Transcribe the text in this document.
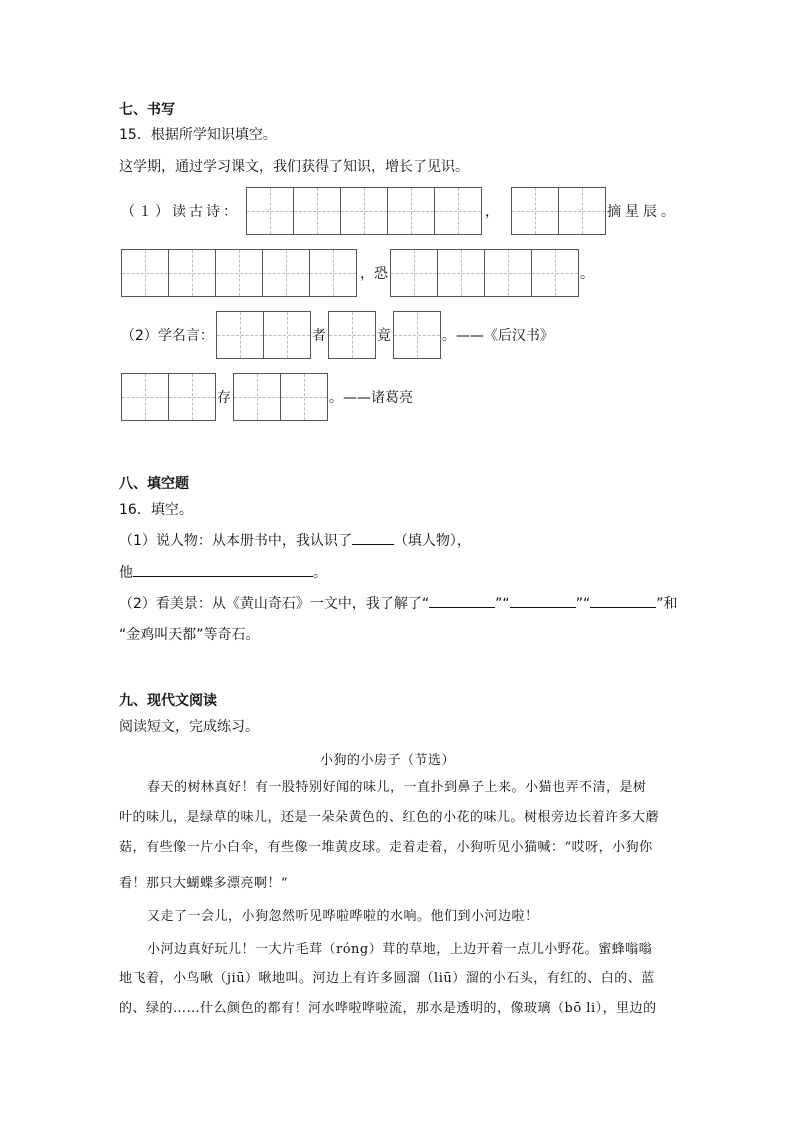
七、书写
15．根据所学知识填空。
这学期，通过学习课文，我们获得了知识，增长了见识。
（１）读古诗：	，	摘星辰。
，恐	。
（2）学名言：	者	竟	。——《后汉书》
存	。——诸葛亮
八、填空题
16．填空。
（1）说人物：从本册书中，我认识了	（填人物），
他	。
（2）看美景：从《黄山奇石》一文中，我了解了“	”“	”“	”和
“金鸡叫天都”等奇石。
九、现代文阅读
阅读短文，完成练习。
小狗的小房子（节选）
春天的树林真好！有一股特别好闻的味儿，一直扑到鼻子上来。小猫也弄不清，是树
叶的味儿，是绿草的味儿，还是一朵朵黄色的、红色的小花的味儿。树根旁边长着许多大蘑
菇，有些像一片小白伞，有些像一堆黄皮球。走着走着，小狗听见小猫喊：“哎呀，小狗你
看！那只大蝴蝶多漂亮啊！”
又走了一会儿，小狗忽然听见哗啦哗啦的水响。他们到小河边啦！
小河边真好玩儿！一大片毛茸（róng）茸的草地，上边开着一点儿小野花。蜜蜂嗡嗡
地飞着，小鸟啾（jiū）啾地叫。河边上有许多圆溜（liū）溜的小石头，有红的、白的、蓝
的、绿的……什么颜色的都有！河水哗啦哗啦流，那水是透明的，像玻璃（bō li），里边的
